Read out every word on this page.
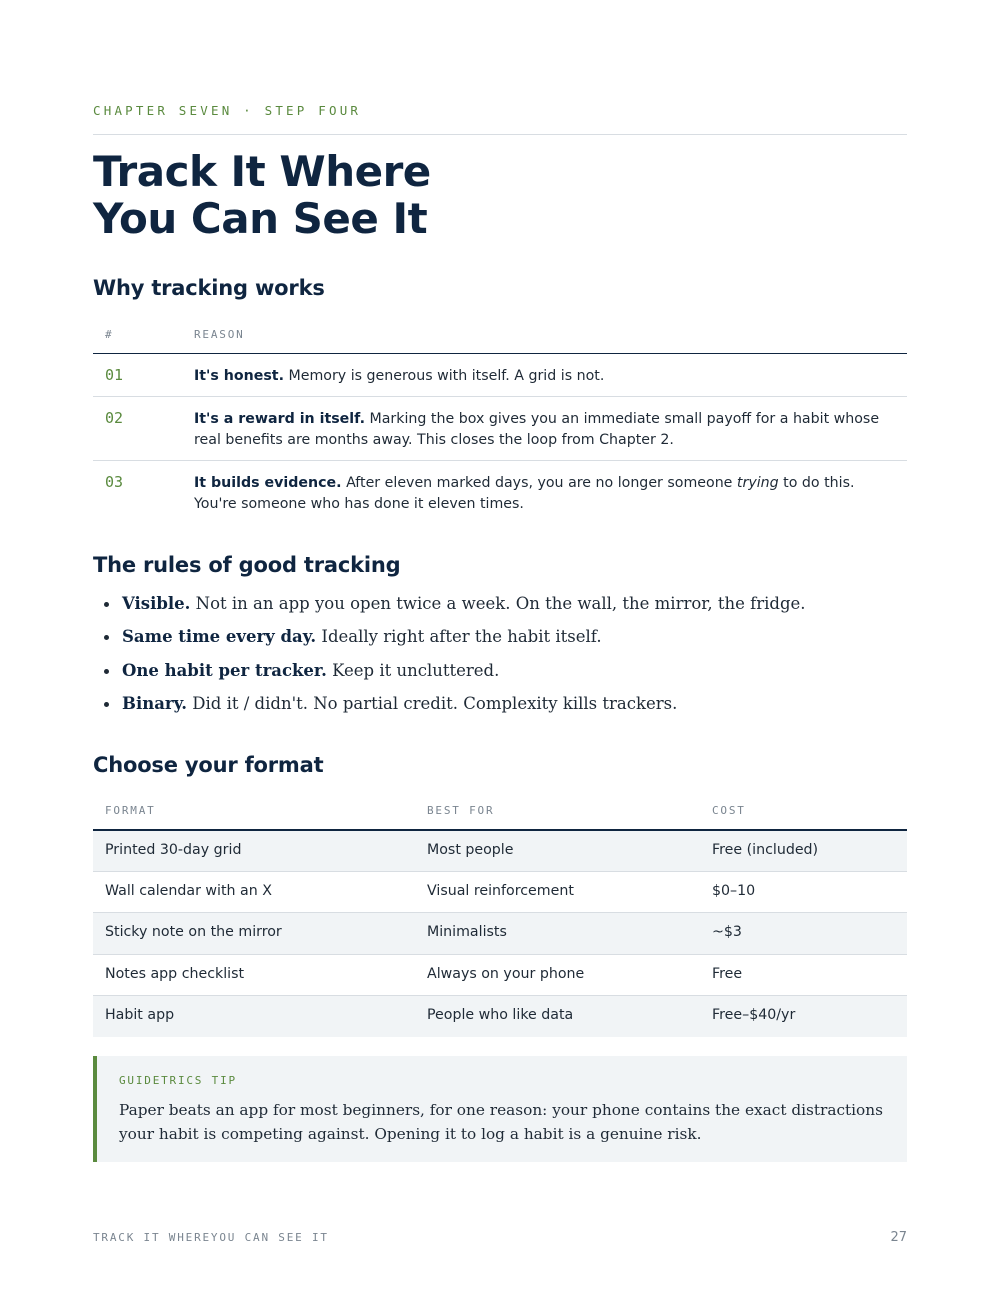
CHAPTER SEVEN · STEP FOUR
Track It Where
You Can See It
Why tracking works
#	REASON
01	It's honest. Memory is generous with itself. A grid is not.
02	It's a reward in itself. Marking the box gives you an immediate small payoff for a habit whose real benefits are months away. This closes the loop from Chapter 2.
03	It builds evidence. After eleven marked days, you are no longer someone trying to do this. You're someone who has done it eleven times.
The rules of good tracking
Visible. Not in an app you open twice a week. On the wall, the mirror, the fridge.
Same time every day. Ideally right after the habit itself.
One habit per tracker. Keep it uncluttered.
Binary. Did it / didn't. No partial credit. Complexity kills trackers.
Choose your format
FORMAT	BEST FOR	COST
Printed 30-day grid	Most people	Free (included)
Wall calendar with an X	Visual reinforcement	$0–10
Sticky note on the mirror	Minimalists	~$3
Notes app checklist	Always on your phone	Free
Habit app	People who like data	Free–$40/yr
GUIDETRICS TIP
Paper beats an app for most beginners, for one reason: your phone contains the exact distractions your habit is competing against. Opening it to log a habit is a genuine risk.
TRACK IT WHEREYOU CAN SEE IT	27
